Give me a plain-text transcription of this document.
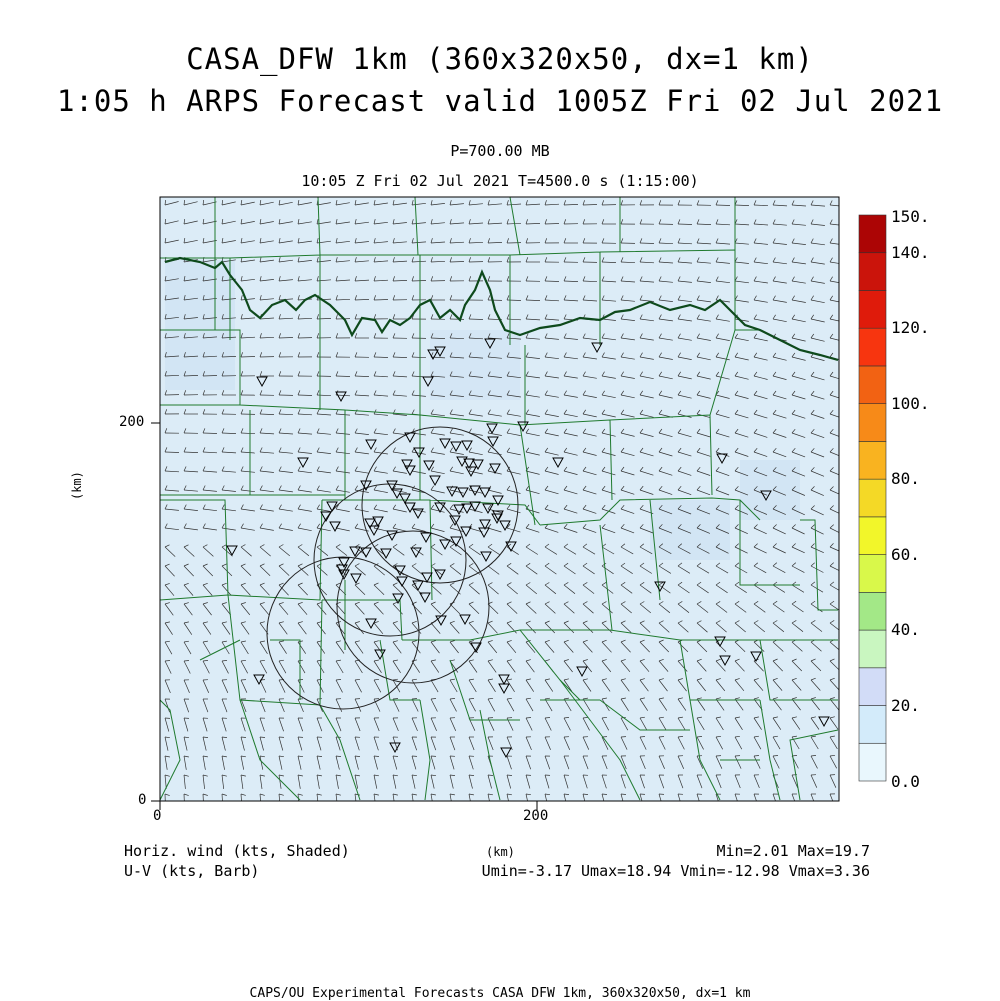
CASA_DFW 1km (360x320x50, dx=1 km)
1:05 h ARPS Forecast valid 1005Z Fri 02 Jul 2021
P=700.00 MB
10:05 Z Fri 02 Jul 2021 T=4500.0 s (1:15:00)
200
0
0	200
(km)
(km)
Horiz. wind (kts, Shaded)
U-V (kts, Barb)
Min=2.01 Max=19.7
Umin=-3.17 Umax=18.94 Vmin=-12.98 Vmax=3.36
CAPS/OU Experimental Forecasts CASA DFW 1km, 360x320x50, dx=1 km
150.
140.
120.
100.
80.
60.
40.
20.
0.0
